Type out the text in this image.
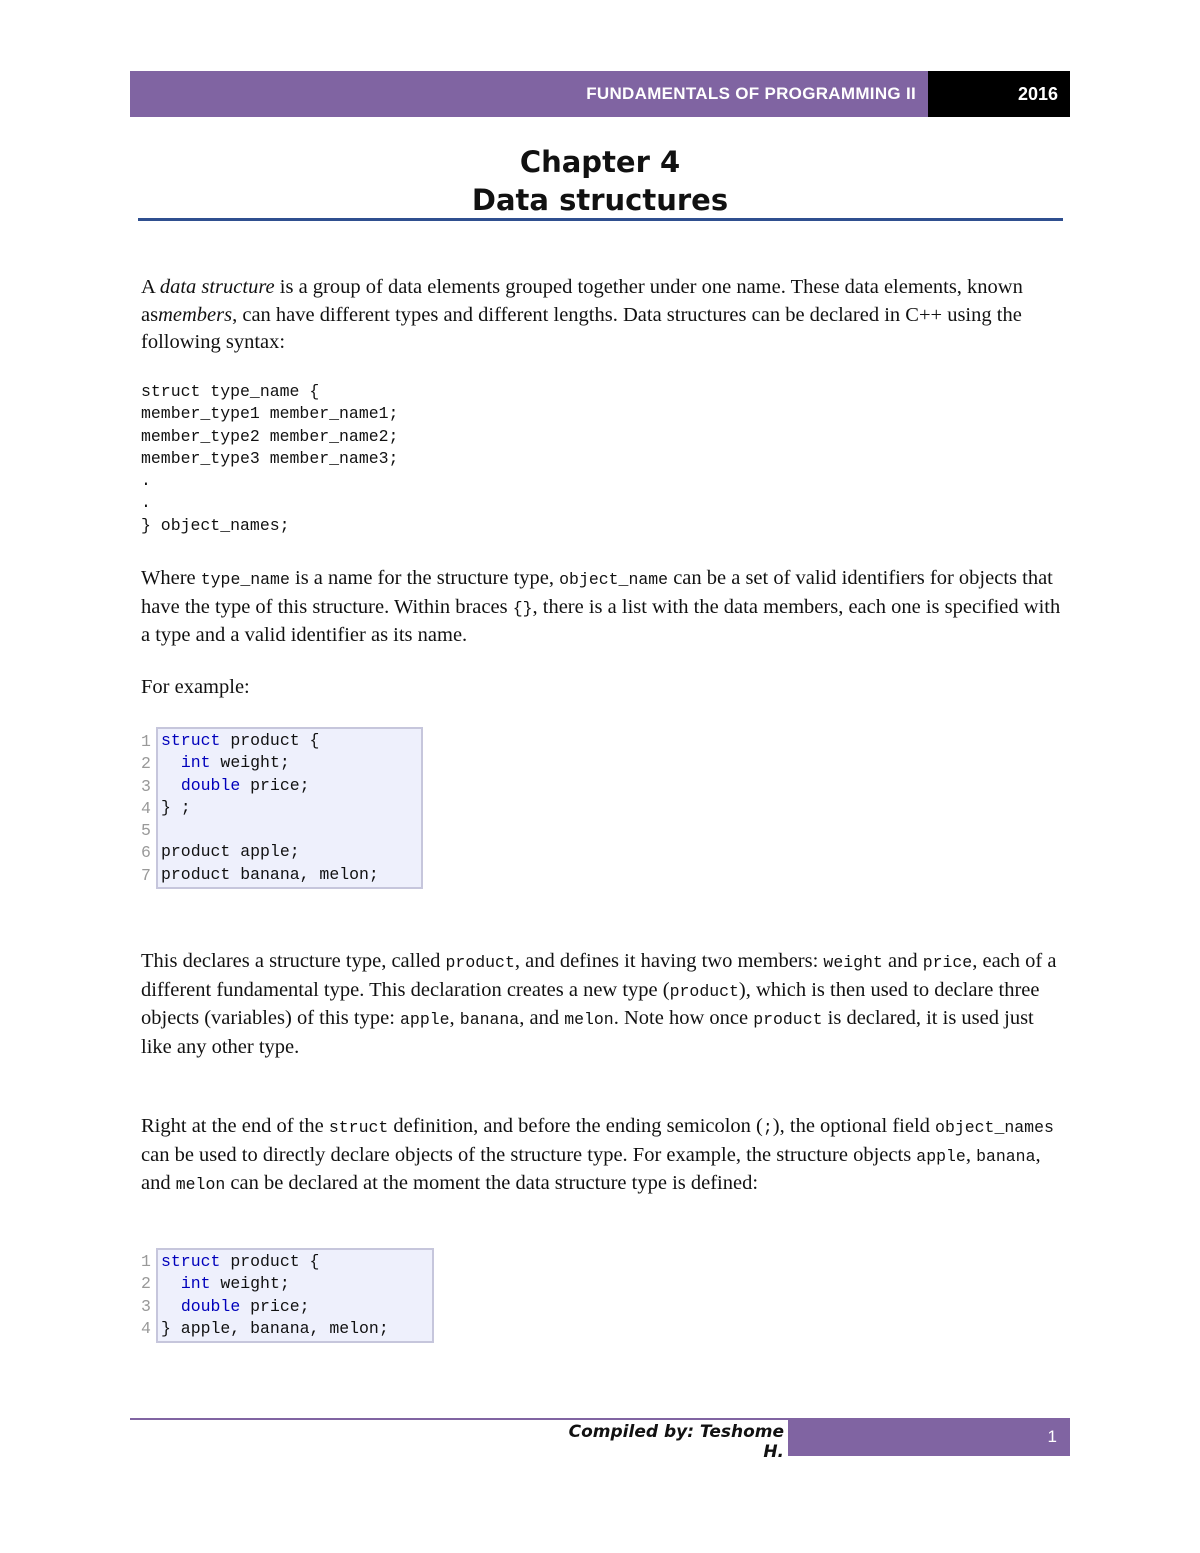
FUNDAMENTALS OF PROGRAMMING II	2016
Chapter 4
Data structures
A data structure is a group of data elements grouped together under one name. These data elements, known asmembers, can have different types and different lengths. Data structures can be declared in C++ using the following syntax:
struct type_name {
member_type1 member_name1;
member_type2 member_name2;
member_type3 member_name3;
.
.
} object_names;
Where type_name is a name for the structure type, object_name can be a set of valid identifiers for objects that have the type of this structure. Within braces {}, there is a list with the data members, each one is specified with a type and a valid identifier as its name.
For example:
1
2
3
4
5
6
7
struct product {
int weight;
double price;
} ;

product apple;
product banana, melon;
This declares a structure type, called product, and defines it having two members: weight and price, each of a different fundamental type. This declaration creates a new type (product), which is then used to declare three objects (variables) of this type: apple, banana, and melon. Note how once product is declared, it is used just like any other type.
Right at the end of the struct definition, and before the ending semicolon (;), the optional field object_names can be used to directly declare objects of the structure type. For example, the structure objects apple, banana, and melon can be declared at the moment the data structure type is defined:
1
2
3
4
struct product {
int weight;
double price;
} apple, banana, melon;
Compiled by: Teshome H.
1
